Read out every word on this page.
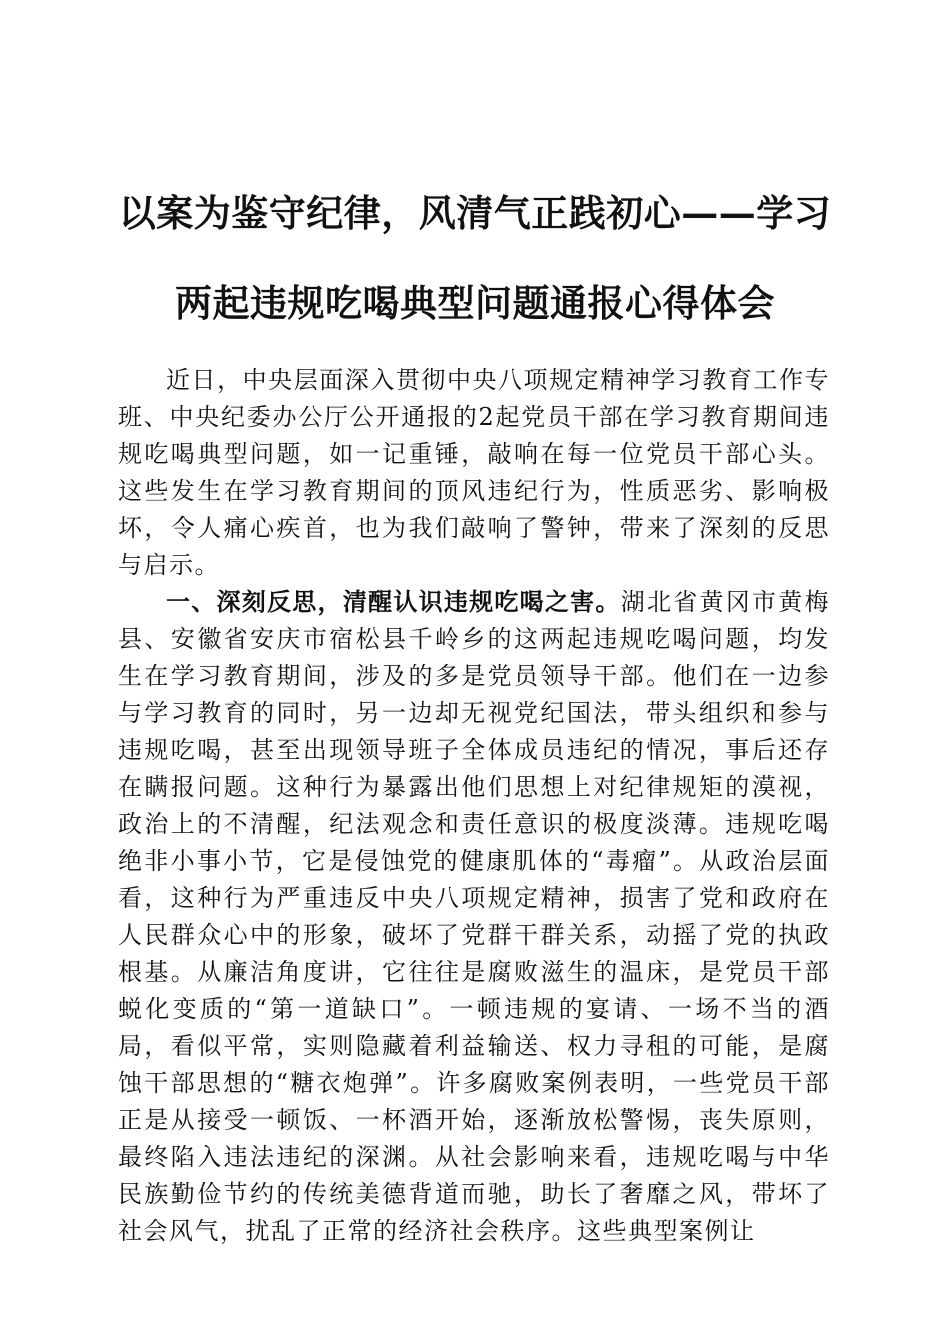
以案为鉴守纪律，风清气正践初心——学习两起违规吃喝典型问题通报心得体会

近日，中央层面深入贯彻中央八项规定精神学习教育工作专班、中央纪委办公厅公开通报的2起党员干部在学习教育期间违规吃喝典型问题，如一记重锤，敲响在每一位党员干部心头。这些发生在学习教育期间的顶风违纪行为，性质恶劣、影响极坏，令人痛心疾首，也为我们敲响了警钟，带来了深刻的反思与启示。

一、深刻反思，清醒认识违规吃喝之害。湖北省黄冈市黄梅县、安徽省安庆市宿松县千岭乡的这两起违规吃喝问题，均发生在学习教育期间，涉及的多是党员领导干部。他们在一边参与学习教育的同时，另一边却无视党纪国法，带头组织和参与违规吃喝，甚至出现领导班子全体成员违纪的情况，事后还存在瞒报问题。这种行为暴露出他们思想上对纪律规矩的漠视，政治上的不清醒，纪法观念和责任意识的极度淡薄。违规吃喝绝非小事小节，它是侵蚀党的健康肌体的“毒瘤”。从政治层面看，这种行为严重违反中央八项规定精神，损害了党和政府在人民群众心中的形象，破坏了党群干群关系，动摇了党的执政根基。从廉洁角度讲，它往往是腐败滋生的温床，是党员干部蜕化变质的“第一道缺口”。一顿违规的宴请、一场不当的酒局，看似平常，实则隐藏着利益输送、权力寻租的可能，是腐蚀干部思想的“糖衣炮弹”。许多腐败案例表明，一些党员干部正是从接受一顿饭、一杯酒开始，逐渐放松警惕，丧失原则，最终陷入违法违纪的深渊。从社会影响来看，违规吃喝与中华民族勤俭节约的传统美德背道而驰，助长了奢靡之风，带坏了社会风气，扰乱了正常的经济社会秩序。这些典型案例让
